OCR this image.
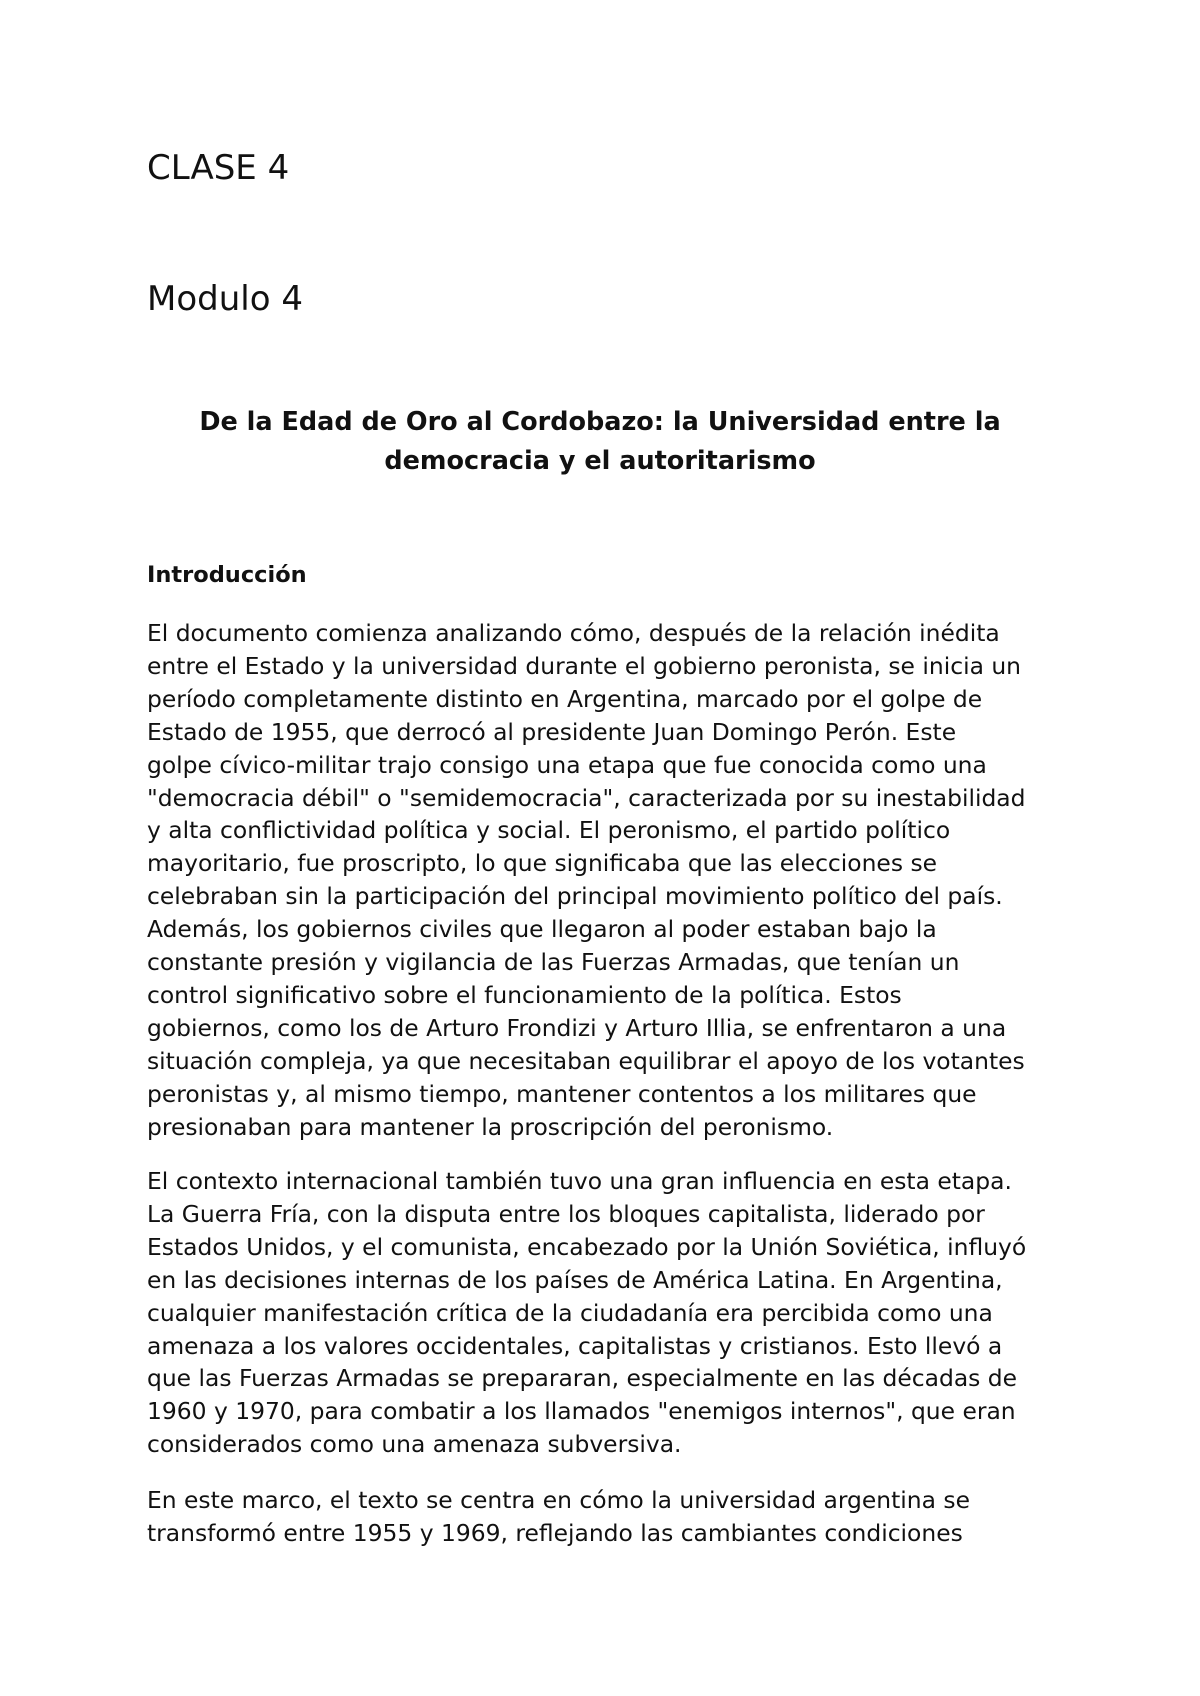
CLASE 4
Modulo 4
De la Edad de Oro al Cordobazo: la Universidad entre la
democracia y el autoritarismo
Introducción

El documento comienza analizando cómo, después de la relación inédita
entre el Estado y la universidad durante el gobierno peronista, se inicia un
período completamente distinto en Argentina, marcado por el golpe de
Estado de 1955, que derrocó al presidente Juan Domingo Perón. Este
golpe cívico-militar trajo consigo una etapa que fue conocida como una
"democracia débil" o "semidemocracia", caracterizada por su inestabilidad
y alta conflictividad política y social. El peronismo, el partido político
mayoritario, fue proscripto, lo que significaba que las elecciones se
celebraban sin la participación del principal movimiento político del país.
Además, los gobiernos civiles que llegaron al poder estaban bajo la
constante presión y vigilancia de las Fuerzas Armadas, que tenían un
control significativo sobre el funcionamiento de la política. Estos
gobiernos, como los de Arturo Frondizi y Arturo Illia, se enfrentaron a una
situación compleja, ya que necesitaban equilibrar el apoyo de los votantes
peronistas y, al mismo tiempo, mantener contentos a los militares que
presionaban para mantener la proscripción del peronismo.

El contexto internacional también tuvo una gran influencia en esta etapa.
La Guerra Fría, con la disputa entre los bloques capitalista, liderado por
Estados Unidos, y el comunista, encabezado por la Unión Soviética, influyó
en las decisiones internas de los países de América Latina. En Argentina,
cualquier manifestación crítica de la ciudadanía era percibida como una
amenaza a los valores occidentales, capitalistas y cristianos. Esto llevó a
que las Fuerzas Armadas se prepararan, especialmente en las décadas de
1960 y 1970, para combatir a los llamados "enemigos internos", que eran
considerados como una amenaza subversiva.

En este marco, el texto se centra en cómo la universidad argentina se
transformó entre 1955 y 1969, reflejando las cambiantes condiciones
